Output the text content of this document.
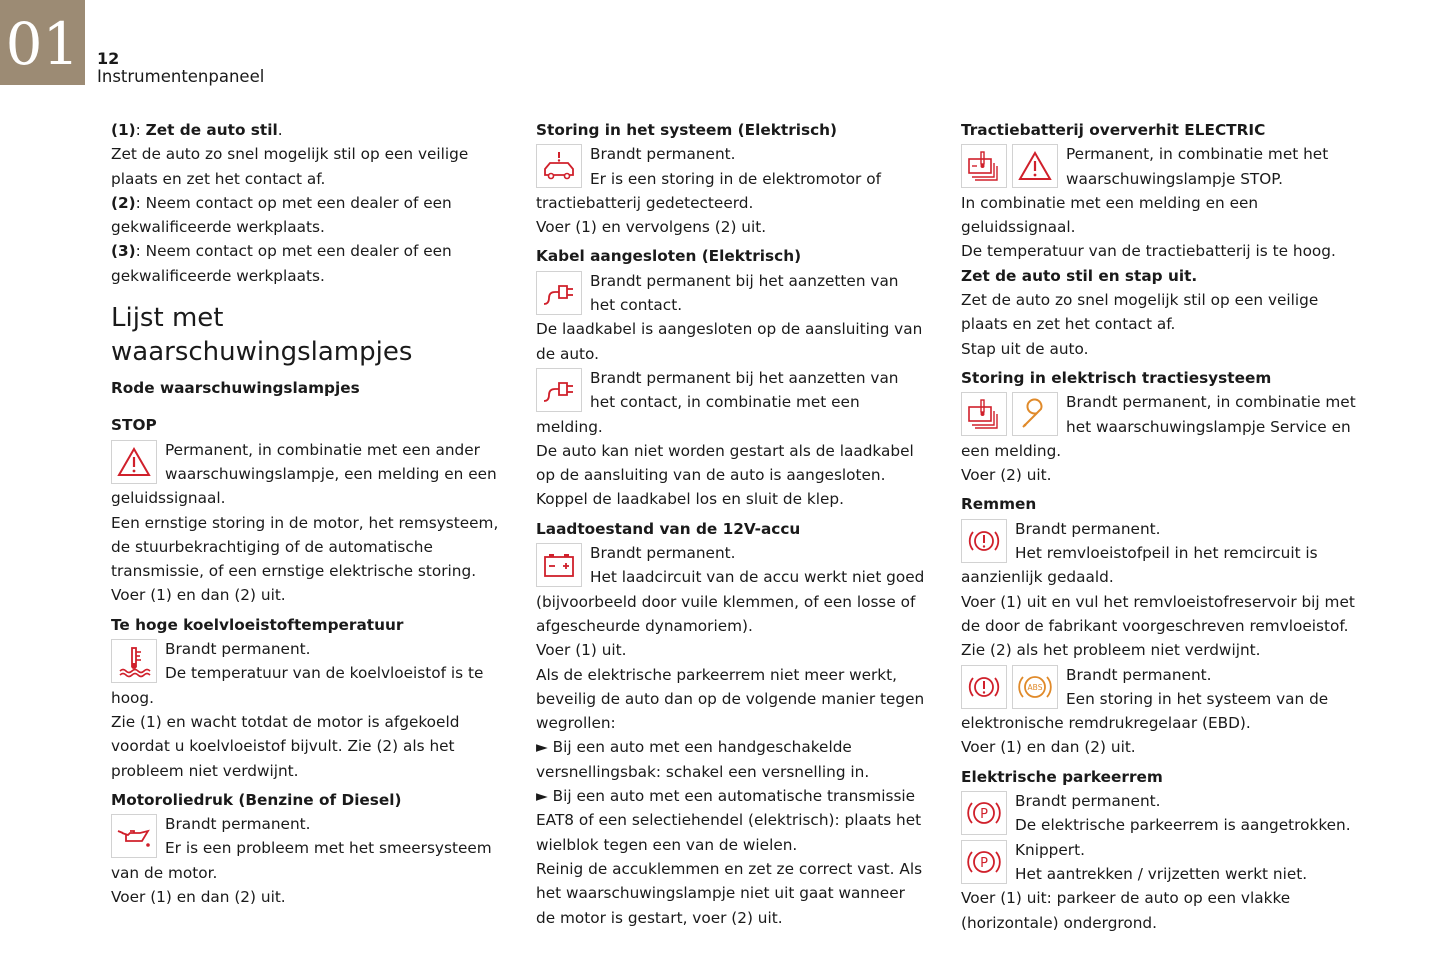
01	12
Instrumentenpaneel

(1): Zet de auto stil.

Zet de auto zo snel mogelijk stil op een veilige plaats en zet het contact af.

(2): Neem contact op met een dealer of een gekwalificeerde werkplaats.

(3): Neem contact op met een dealer of een gekwalificeerde werkplaats.

Lijst met waarschuwingslampjes

Rode waarschuwingslampjes

STOP

Permanent, in combinatie met een ander waarschuwingslampje, een melding en een geluidssignaal.

Een ernstige storing in de motor, het remsysteem, de stuurbekrachtiging of de automatische transmissie, of een ernstige elektrische storing.

Voer (1) en dan (2) uit.

Te hoge koelvloeistoftemperatuur

Brandt permanent.
De temperatuur van de koelvloeistof is te hoog.

Zie (1) en wacht totdat de motor is afgekoeld voordat u koelvloeistof bijvult. Zie (2) als het probleem niet verdwijnt.

Motoroliedruk (Benzine of Diesel)

Brandt permanent.
Er is een probleem met het smeersysteem van de motor.

Voer (1) en dan (2) uit.

Storing in het systeem (Elektrisch)

Brandt permanent.
Er is een storing in de elektromotor of tractiebatterij gedetecteerd.

Voer (1) en vervolgens (2) uit.

Kabel aangesloten (Elektrisch)

Brandt permanent bij het aanzetten van het contact.

De laadkabel is aangesloten op de aansluiting van de auto.

Brandt permanent bij het aanzetten van het contact, in combinatie met een melding.

De auto kan niet worden gestart als de laadkabel op de aansluiting van de auto is aangesloten.

Koppel de laadkabel los en sluit de klep.

Laadtoestand van de 12V-accu

Brandt permanent.
Het laadcircuit van de accu werkt niet goed (bijvoorbeeld door vuile klemmen, of een losse of afgescheurde dynamoriem).

Voer (1) uit.

Als de elektrische parkeerrem niet meer werkt, beveilig de auto dan op de volgende manier tegen wegrollen:

► Bij een auto met een handgeschakelde versnellingsbak: schakel een versnelling in.

► Bij een auto met een automatische transmissie EAT8 of een selectiehendel (elektrisch): plaats het wielblok tegen een van de wielen.

Reinig de accuklemmen en zet ze correct vast. Als het waarschuwingslampje niet uit gaat wanneer de motor is gestart, voer (2) uit.

Tractiebatterij oververhit ELECTRIC

Permanent, in combinatie met het waarschuwingslampje STOP.

In combinatie met een melding en een geluidssignaal.

De temperatuur van de tractiebatterij is te hoog.

Zet de auto stil en stap uit.

Zet de auto zo snel mogelijk stil op een veilige plaats en zet het contact af.

Stap uit de auto.

Storing in elektrisch tractiesysteem

Brandt permanent, in combinatie met het waarschuwingslampje Service en een melding.

Voer (2) uit.

Remmen

Brandt permanent.
Het remvloeistofpeil in het remcircuit is aanzienlijk gedaald.

Voer (1) uit en vul het remvloeistofreservoir bij met de door de fabrikant voorgeschreven remvloeistof. Zie (2) als het probleem niet verdwijnt.

ABS
Brandt permanent.
Een storing in het systeem van de elektronische remdrukregelaar (EBD).

Voer (1) en dan (2) uit.

Elektrische parkeerrem

P
Brandt permanent.
De elektrische parkeerrem is aangetrokken.
P
Knippert.
Het aantrekken / vrijzetten werkt niet.

Voer (1) uit: parkeer de auto op een vlakke (horizontale) ondergrond.
